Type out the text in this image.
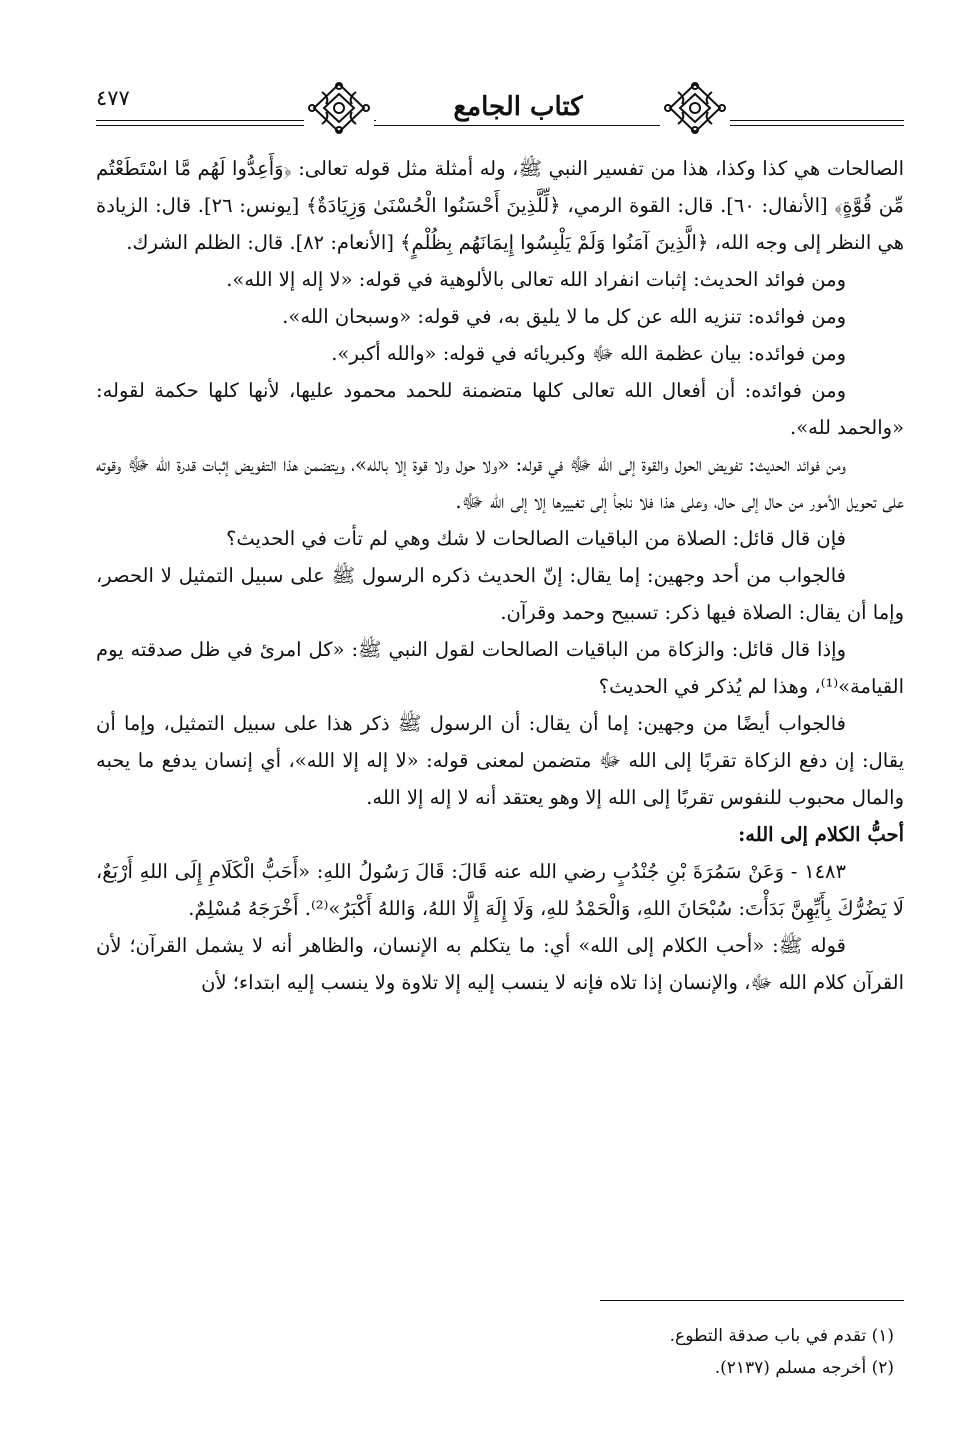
٤٧٧	كتاب الجامع

الصالحات هي كذا وكذا، هذا من تفسير النبي ﷺ، وله أمثلة مثل قوله تعالى: ﴿وَأَعِدُّوا لَهُم مَّا اسْتَطَعْتُم مِّن قُوَّةٍ﴾ [الأنفال: ٦٠]. قال: القوة الرمي، ﴿لِّلَّذِينَ أَحْسَنُوا الْحُسْنَىٰ وَزِيَادَةٌ﴾ [يونس: ٢٦]. قال: الزيادة هي النظر إلى وجه الله، ﴿الَّذِينَ آمَنُوا وَلَمْ يَلْبِسُوا إِيمَانَهُم بِظُلْمٍ﴾ [الأنعام: ٨٢]. قال: الظلم الشرك.

ومن فوائد الحديث: إثبات انفراد الله تعالى بالألوهية في قوله: «لا إله إلا الله».

ومن فوائده: تنزيه الله عن كل ما لا يليق به، في قوله: «وسبحان الله».

ومن فوائده: بيان عظمة الله ﷻ وكبريائه في قوله: «والله أكبر».

ومن فوائده: أن أفعال الله تعالى كلها متضمنة للحمد محمود عليها، لأنها كلها حكمة لقوله: «والحمد لله».

ومن فوائد الحديث: تفويض الحول والقوة إلى الله ﷻ في قوله: «ولا حول ولا قوة إلا بالله»، ويتضمن هذا التفويض إثبات قدرة الله ﷻ وقوته على تحويل الأمور من حال إلى حال، وعلى هذا فلا نلجأ إلى تغييرها إلا إلى الله ﷻ.

فإن قال قائل: الصلاة من الباقيات الصالحات لا شك وهي لم تأت في الحديث؟

فالجواب من أحد وجهين: إما يقال: إنّ الحديث ذكره الرسول ﷺ على سبيل التمثيل لا الحصر، وإما أن يقال: الصلاة فيها ذكر: تسبيح وحمد وقرآن.

وإذا قال قائل: والزكاة من الباقيات الصالحات لقول النبي ﷺ: «كل امرئ في ظل صدقته يوم القيامة»⁽¹⁾، وهذا لم يُذكر في الحديث؟

فالجواب أيضًا من وجهين: إما أن يقال: أن الرسول ﷺ ذكر هذا على سبيل التمثيل، وإما أن يقال: إن دفع الزكاة تقربًا إلى الله ﷻ متضمن لمعنى قوله: «لا إله إلا الله»، أي إنسان يدفع ما يحبه والمال محبوب للنفوس تقربًا إلى الله إلا وهو يعتقد أنه لا إله إلا الله.

أحبُّ الكلام إلى الله:

١٤٨٣ - وَعَنْ سَمُرَةَ بْنِ جُنْدُبٍ رضي الله عنه قَالَ: قَالَ رَسُولُ اللهِ: «أَحَبُّ الْكَلَامِ إِلَى اللهِ أَرْبَعٌ، لَا يَضُرُّكَ بِأَيِّهِنَّ بَدَأْتَ: سُبْحَانَ اللهِ، وَالْحَمْدُ للهِ، وَلَا إِلَهَ إِلَّا اللهُ، وَاللهُ أَكْبَرُ»⁽²⁾. أَخْرَجَهُ مُسْلِمٌ.

قوله ﷺ: «أحب الكلام إلى الله» أي: ما يتكلم به الإنسان، والظاهر أنه لا يشمل القرآن؛ لأن القرآن كلام الله ﷻ، والإنسان إذا تلاه فإنه لا ينسب إليه إلا تلاوة ولا ينسب إليه ابتداء؛ لأن

(١) تقدم في باب صدقة التطوع.

(٢) أخرجه مسلم (٢١٣٧).
